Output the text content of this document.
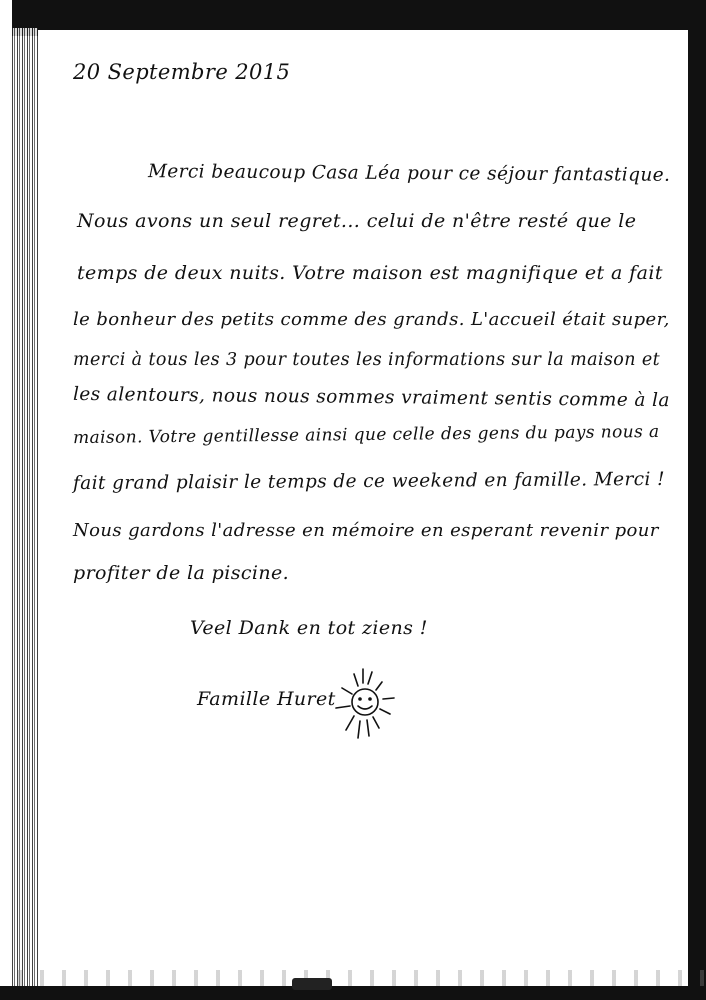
20 Septembre 2015
Merci beaucoup Casa Léa pour ce séjour fantastique.
Nous avons un seul regret... celui de n'être resté que le
temps de deux nuits. Votre maison est magnifique et a fait
le bonheur des petits comme des grands. L'accueil était super,
merci à tous les 3 pour toutes les informations sur la maison et
les alentours, nous nous sommes vraiment sentis comme à la
maison. Votre gentillesse ainsi que celle des gens du pays nous a
fait grand plaisir le temps de ce weekend en famille. Merci !
Nous gardons l'adresse en mémoire en esperant revenir pour
profiter de la piscine.
Veel Dank en tot ziens !
Famille Huret
